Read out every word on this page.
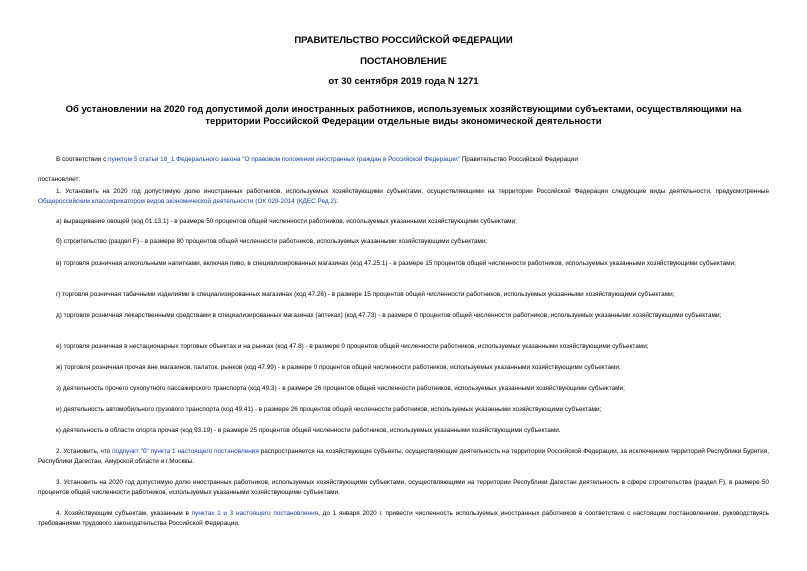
ПРАВИТЕЛЬСТВО РОССИЙСКОЙ ФЕДЕРАЦИИ
ПОСТАНОВЛЕНИЕ
от 30 сентября 2019 года N 1271
Об установлении на 2020 год допустимой доли иностранных работников, используемых хозяйствующими субъектами, осуществляющими на территории Российской Федерации отдельные виды экономической деятельности
В соответствии с пунктом 5 статьи 18_1 Федерального закона "О правовом положении иностранных граждан в Российской Федерации" Правительство Российской Федерации
постановляет:
1. Установить на 2020 год допустимую долю иностранных работников, используемых хозяйствующими субъектами, осуществляющими на территории Российской Федерации следующие виды деятельности, предусмотренные Общероссийским классификатором видов экономической деятельности (ОК 029-2014 (КДЕС Ред.2):
а) выращивание овощей (код 01.13.1) - в размере 50 процентов общей численности работников, используемых указанными хозяйствующими субъектами;
б) строительство (раздел F) - в размере 80 процентов общей численности работников, используемых указанными хозяйствующими субъектами;
в) торговля розничная алкогольными напитками, включая пиво, в специализированных магазинах (код 47.25.1) - в размере 15 процентов общей численности работников, используемых указанными хозяйствующими субъектами;
г) торговля розничная табачными изделиями в специализированных магазинах (код 47.26) - в размере 15 процентов общей численности работников, используемых указанными хозяйствующими субъектами;
д) торговля розничная лекарственными средствами в специализированных магазинах (аптеках) (код 47.73) - в размере 0 процентов общей численности работников, используемых указанными хозяйствующими субъектами;
е) торговля розничная в нестационарных торговых объектах и на рынках (код 47.8) - в размере 0 процентов общей численности работников, используемых указанными хозяйствующими субъектами;
ж) торговля розничная прочая вне магазинов, палаток, рынков (код 47.99) - в размере 0 процентов общей численности работников, используемых указанными хозяйствующими субъектами;
з) деятельность прочего сухопутного пассажирского транспорта (код 49.3) - в размере 26 процентов общей численности работников, используемых указанными хозяйствующими субъектами;
и) деятельность автомобильного грузового транспорта (код 49.41) - в размере 26 процентов общей численности работников, используемых указанными хозяйствующими субъектами;
к) деятельность в области спорта прочая (код 93.19) - в размере 25 процентов общей численности работников, используемых указанными хозяйствующими субъектами.
2. Установить, что подпункт "б" пункта 1 настоящего постановления распространяется на хозяйствующие субъекты, осуществляющие деятельность на территории Российской Федерации, за исключением территорий Республики Бурятия, Республики Дагестан, Амурской области и г.Москвы.
3. Установить на 2020 год допустимую долю иностранных работников, используемых хозяйствующими субъектами, осуществляющими на территории Республики Дагестан деятельность в сфере строительства (раздел F), в размере 50 процентов общей численности работников, используемых указанными хозяйствующими субъектами.
4. Хозяйствующим субъектам, указанным в пунктах 1 и 3 настоящего постановления, до 1 января 2020 г. привести численность используемых иностранных работников в соответствие с настоящим постановлением, руководствуясь требованиями трудового законодательства Российской Федерации.
